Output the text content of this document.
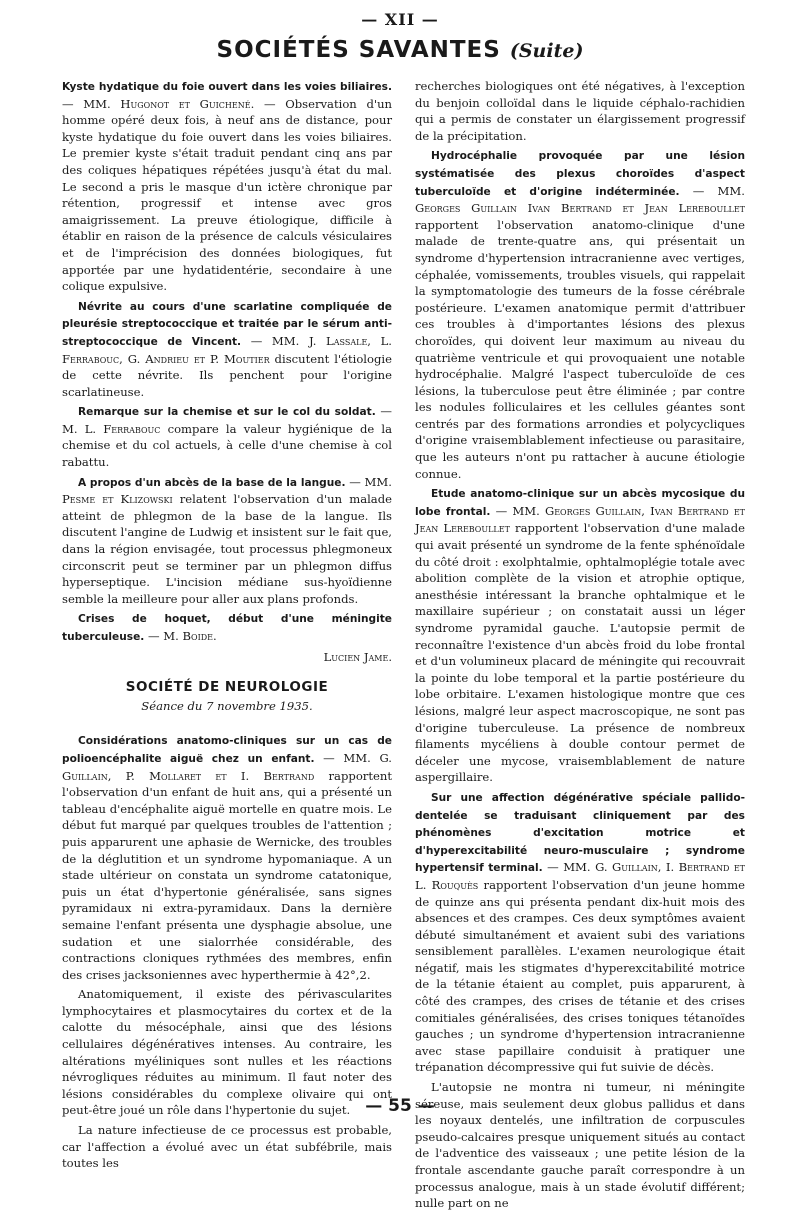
— XII —
SOCIÉTÉS SAVANTES (Suite)

Kyste hydatique du foie ouvert dans les voies biliaires. — MM. Hugonot et Guichené. — Observation d'un homme opéré deux fois, à neuf ans de distance, pour kyste hydatique du foie ouvert dans les voies biliaires. Le premier kyste s'était traduit pendant cinq ans par des coliques hépatiques répétées jusqu'à état du mal. Le second a pris le masque d'un ictère chronique par rétention, progressif et intense avec gros amaigrissement. La preuve étiologique, difficile à établir en raison de la présence de calculs vésiculaires et de l'imprécision des données biologiques, fut apportée par une hydatidentérie, secondaire à une colique expulsive.

Névrite au cours d'une scarlatine compliquée de pleurésie streptococcique et traitée par le sérum anti-streptococcique de Vincent. — MM. J. Lassale, L. Ferrabouc, G. Andrieu et P. Moutier discutent l'étiologie de cette névrite. Ils penchent pour l'origine scarlatineuse.

Remarque sur la chemise et sur le col du soldat. — M. L. Ferrabouc compare la valeur hygiénique de la chemise et du col actuels, à celle d'une chemise à col rabattu.

A propos d'un abcès de la base de la langue. — MM. Pesme et Klizowski relatent l'observation d'un malade atteint de phlegmon de la base de la langue. Ils discutent l'angine de Ludwig et insistent sur le fait que, dans la région envisagée, tout processus phlegmoneux circonscrit peut se terminer par un phlegmon diffus hyperseptique. L'incision médiane sus-hyoïdienne semble la meilleure pour aller aux plans profonds.

Crises de hoquet, début d'une méningite tuberculeuse. — M. Boide.

Lucien Jame.

SOCIÉTÉ DE NEUROLOGIE
Séance du 7 novembre 1935.

Considérations anatomo-cliniques sur un cas de polioencéphalite aiguë chez un enfant. — MM. G. Guillain, P. Mollaret et I. Bertrand rapportent l'observation d'un enfant de huit ans, qui a présenté un tableau d'encéphalite aiguë mortelle en quatre mois. Le début fut marqué par quelques troubles de l'attention ; puis apparurent une aphasie de Wernicke, des troubles de la déglutition et un syndrome hypomaniaque. A un stade ultérieur on constata un syndrome catatonique, puis un état d'hypertonie généralisée, sans signes pyramidaux ni extra-pyramidaux. Dans la dernière semaine l'enfant présenta une dysphagie absolue, une sudation et une sialorrhée considérable, des contractions cloniques rythmées des membres, enfin des crises jacksoniennes avec hyperthermie à 42°,2.

Anatomiquement, il existe des périvascularites lymphocytaires et plasmocytaires du cortex et de la calotte du mésocéphale, ainsi que des lésions cellulaires dégénératives intenses. Au contraire, les altérations myéliniques sont nulles et les réactions névrogliques réduites au minimum. Il faut noter des lésions considérables du complexe olivaire qui ont peut-être joué un rôle dans l'hypertonie du sujet.

La nature infectieuse de ce processus est probable, car l'affection a évolué avec un état subfébrile, mais toutes les

recherches biologiques ont été négatives, à l'exception du benjoin colloïdal dans le liquide céphalo-rachidien qui a permis de constater un élargissement progressif de la précipitation.

Hydrocéphalie provoquée par une lésion systématisée des plexus choroïdes d'aspect tuberculoïde et d'origine indéterminée. — MM. Georges Guillain Ivan Bertrand et Jean Lereboullet rapportent l'observation anatomo-clinique d'une malade de trente-quatre ans, qui présentait un syndrome d'hypertension intracranienne avec vertiges, céphalée, vomissements, troubles visuels, qui rappelait la symptomatologie des tumeurs de la fosse cérébrale postérieure. L'examen anatomique permit d'attribuer ces troubles à d'importantes lésions des plexus choroïdes, qui doivent leur maximum au niveau du quatrième ventricule et qui provoquaient une notable hydrocéphalie. Malgré l'aspect tuberculoïde de ces lésions, la tuberculose peut être éliminée ; par contre les nodules folliculaires et les cellules géantes sont centrés par des formations arrondies et polycycliques d'origine vraisemblablement infectieuse ou parasitaire, que les auteurs n'ont pu rattacher à aucune étiologie connue.

Etude anatomo-clinique sur un abcès mycosique du lobe frontal. — MM. Georges Guillain, Ivan Bertrand et Jean Lereboullet rapportent l'observation d'une malade qui avait présenté un syndrome de la fente sphénoïdale du côté droit : exolphtalmie, ophtalmoplégie totale avec abolition complète de la vision et atrophie optique, anesthésie intéressant la branche ophtalmique et le maxillaire supérieur ; on constatait aussi un léger syndrome pyramidal gauche. L'autopsie permit de reconnaître l'existence d'un abcès froid du lobe frontal et d'un volumineux placard de méningite qui recouvrait la pointe du lobe temporal et la partie postérieure du lobe orbitaire. L'examen histologique montre que ces lésions, malgré leur aspect macroscopique, ne sont pas d'origine tuberculeuse. La présence de nombreux filaments mycéliens à double contour permet de déceler une mycose, vraisemblablement de nature aspergillaire.

Sur une affection dégénérative spéciale pallido-dentelée se traduisant cliniquement par des phénomènes d'excitation motrice et d'hyperexcitabilité neuro-musculaire ; syndrome hypertensif terminal. — MM. G. Guillain, I. Bertrand et L. Rouquès rapportent l'observation d'un jeune homme de quinze ans qui présenta pendant dix-huit mois des absences et des crampes. Ces deux symptômes avaient débuté simultanément et avaient subi des variations sensiblement parallèles. L'examen neurologique était négatif, mais les stigmates d'hyperexcitabilité motrice de la tétanie étaient au complet, puis apparurent, à côté des crampes, des crises de tétanie et des crises comitiales généralisées, des crises toniques tétanoïdes gauches ; un syndrome d'hypertension intracranienne avec stase papillaire conduisit à pratiquer une trépanation décompressive qui fut suivie de décès.

L'autopsie ne montra ni tumeur, ni méningite séreuse, mais seulement deux globus pallidus et dans les noyaux dentelés, une infiltration de corpuscules pseudo-calcaires presque uniquement situés au contact de l'adventice des vaisseaux ; une petite lésion de la frontale ascendante gauche paraît correspondre à un processus analogue, mais à un stade évolutif différent; nulle part on ne

— 55 —
